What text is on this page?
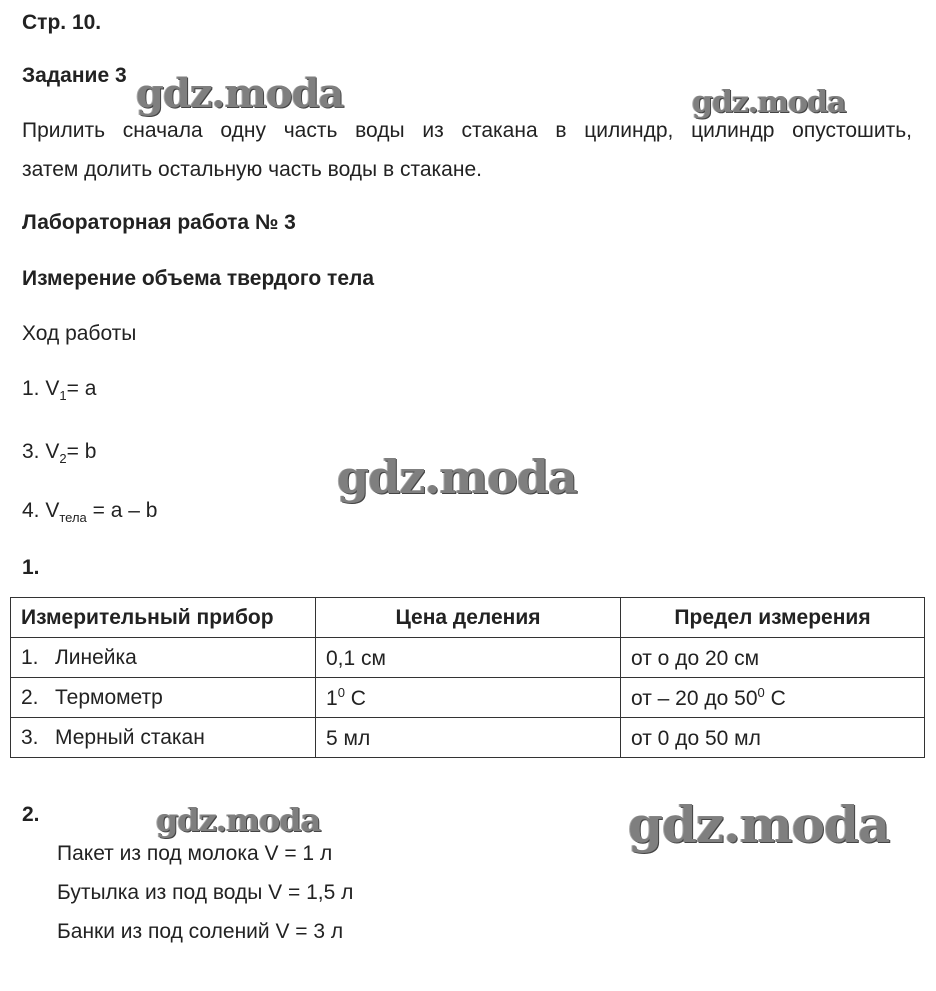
gdz.moda	gdz.moda
gdz.moda
gdz.moda	gdz.moda
Стр. 10.
Задание 3
Прилить сначала одну часть воды из стакана в цилиндр, цилиндр опустошить,
затем долить остальную часть воды в стакане.
Лабораторная работа № 3
Измерение объема твердого тела
Ход работы
1. $V_1= a$
3. $V_2= b$
4. $V_{тела} = a - b$
1.
Измерительный прибор	Цена деления	Предел измерения
1. Линейка	0,1 см	от о до 20 см
2. Термометр	$1^0$ С	от – 20 до $50^0$ С
3. Мерный стакан	5 мл	от 0 до 50 мл
2.
Пакет из под молока V = 1 л
Бутылка из под воды V = 1,5 л
Банки из под солений V = 3 л
